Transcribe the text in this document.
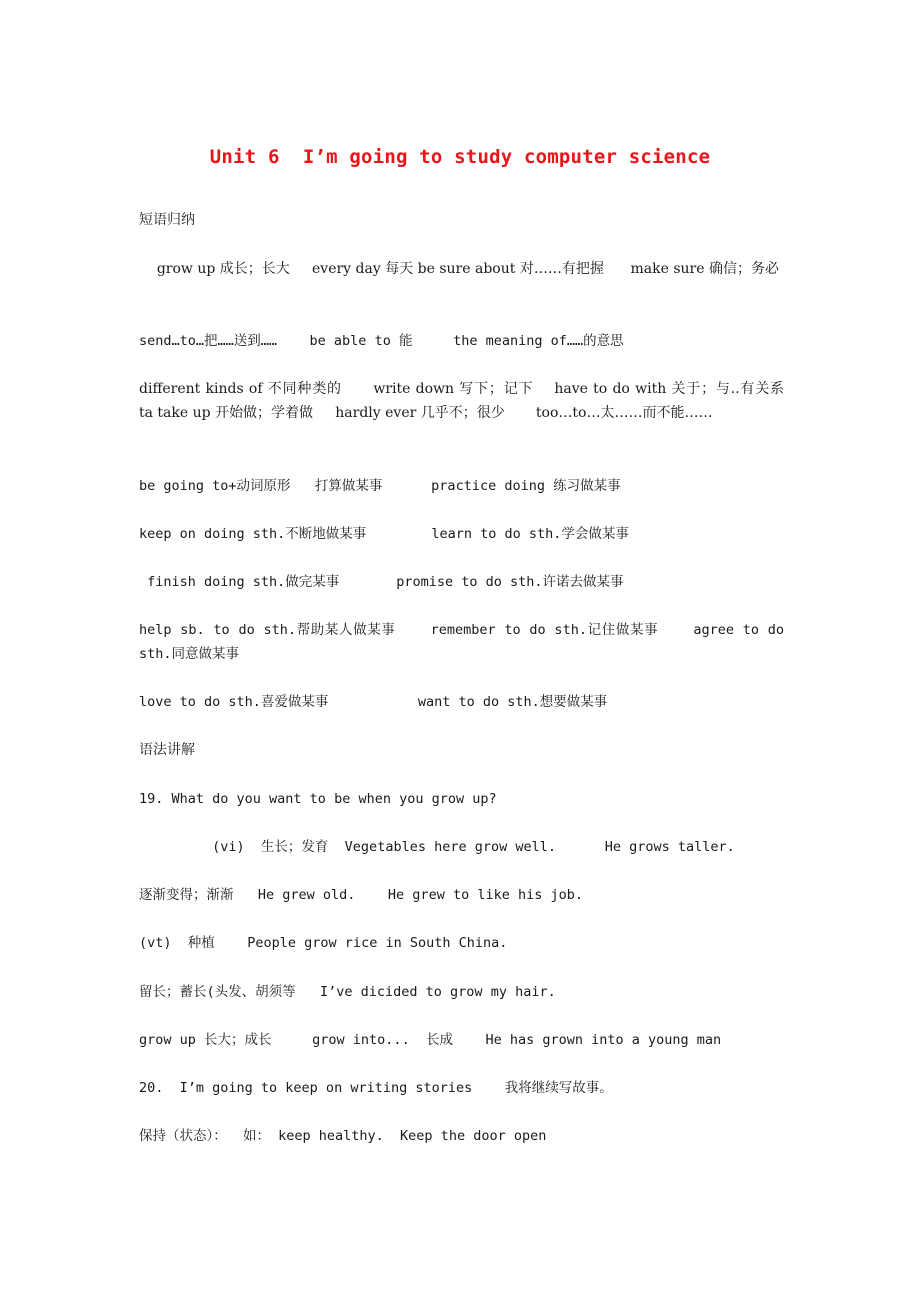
Unit 6  I’m going to study computer science
短语归纳
grow up 成长；长大     every day 每天 be sure about 对……有把握      make sure 确信；务必
send…to…把……送到……    be able to 能     the meaning of……的意思
different kinds of 不同种类的      write down 写下；记下    have to do with 关于；与..有关系           ta take up 开始做；学着做     hardly ever 几乎不；很少       too…to…太……而不能……
be going to+动词原形   打算做某事      practice doing 练习做某事
keep on doing sth.不断地做某事        learn to do sth.学会做某事
finish doing sth.做完某事       promise to do sth.许诺去做某事
help sb. to do sth.帮助某人做某事    remember to do sth.记住做某事    agree to do sth.同意做某事
love to do sth.喜爱做某事           want to do sth.想要做某事
语法讲解
19. What do you want to be when you grow up?
(vi)  生长；发育  Vegetables here grow well.      He grows taller.
逐渐变得；渐渐   He grew old.    He grew to like his job.
(vt)  种植    People grow rice in South China.
留长；蓄长(头发、胡须等   I’ve dicided to grow my hair.
grow up 长大；成长     grow into...  长成    He has grown into a young man
20.  I’m going to keep on writing stories    我将继续写故事。
保持（状态）：  如： keep healthy.  Keep the door open
